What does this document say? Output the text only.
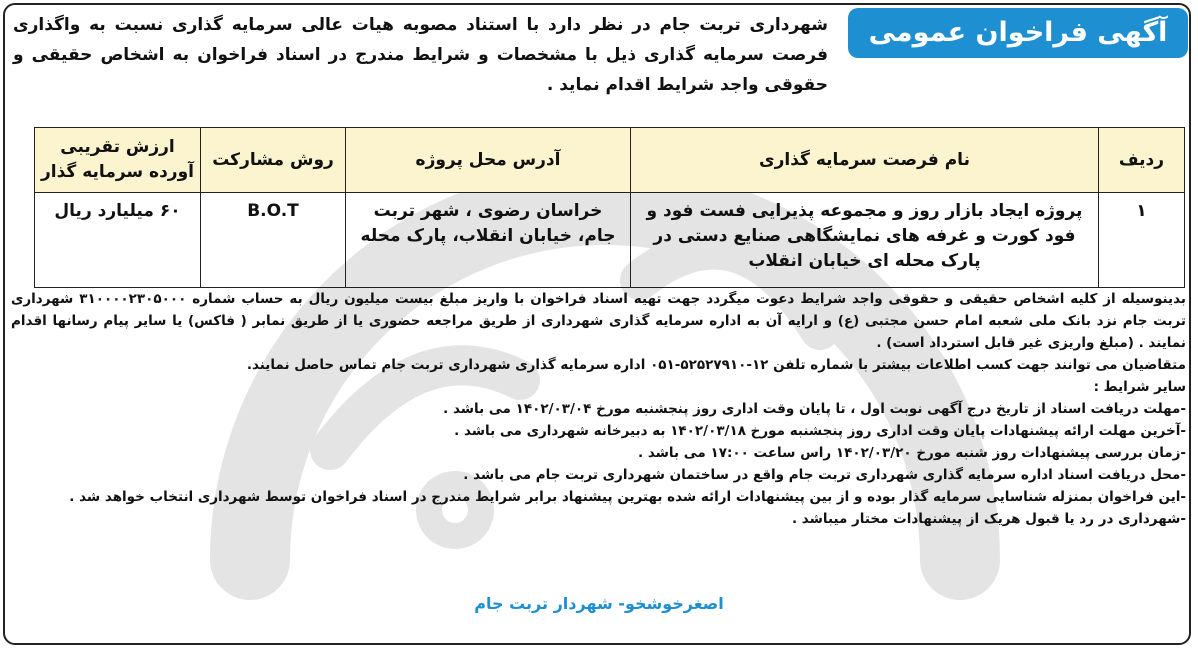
آگهی فراخوان عمومی
شهرداری تربت جام در نظر دارد با استناد مصوبه هیات عالی سرمایه گذاری نسبت به واگذاری فرصت سرمایه گذاری ذیل با مشخصات و شرایط مندرج در اسناد فراخوان به اشخاص حقیقی و حقوقی واجد شرایط اقدام نماید .
ردیف	نام فرصت سرمایه گذاری	آدرس محل پروژه	روش مشارکت	ارزش تقریبی آورده سرمایه گذار
۱	پروژه ایجاد بازار روز و مجموعه پذیرایی فست فود و فود کورت و غرفه های نمایشگاهی صنایع دستی در پارک محله ای خیابان انقلاب	خراسان رضوی ، شهر تربت جام، خیابان انقلاب، پارک محله	B.O.T	۶۰ میلیارد ریال

بدینوسیله از کلیه اشخاص حقیقی و حقوقی واجد شرایط دعوت میگردد جهت تهیه اسناد فراخوان با واریز مبلغ بیست میلیون ریال به حساب شماره ۳۱۰۰۰۰۲۳۰۵۰۰۰ شهرداری تربت جام نزد بانک ملی شعبه امام حسن مجتبی (ع) و ارایه آن به اداره سرمایه گذاری شهرداری از طریق مراجعه حضوری یا از طریق نمابر ( فاکس) یا سایر پیام رسانها اقدام نمایند . (مبلغ واریزی غیر قابل استرداد است) .

متقاضیان می توانند جهت کسب اطلاعات بیشتر با شماره تلفن ۱۲-۵۲۵۲۷۹۱۰-۰۵۱ اداره سرمایه گذاری شهرداری تربت جام تماس حاصل نمایند.

سایر شرایط :

-مهلت دریافت اسناد از تاریخ درج آگهی نوبت اول ، تا پایان وقت اداری روز پنجشنبه مورخ ۱۴۰۲/۰۳/۰۴ می باشد .

-آخرین مهلت ارائه پیشنهادات پایان وقت اداری روز پنجشنبه مورخ ۱۴۰۲/۰۳/۱۸ به دبیرخانه شهرداری می باشد .

-زمان بررسی پیشنهادات روز شنبه مورخ ۱۴۰۲/۰۳/۲۰ راس ساعت ۱۷:۰۰ می باشد .

-محل دریافت اسناد اداره سرمایه گذاری شهرداری تربت جام واقع در ساختمان شهرداری تربت جام می باشد .

-این فراخوان بمنزله شناسایی سرمایه گذار بوده و از بین پیشنهادات ارائه شده بهترین پیشنهاد برابر شرایط مندرج در اسناد فراخوان توسط شهرداری انتخاب خواهد شد .

-شهرداری در رد یا قبول هریک از پیشنهادات مختار میباشد .

اصغرخوشخو- شهردار تربت جام
